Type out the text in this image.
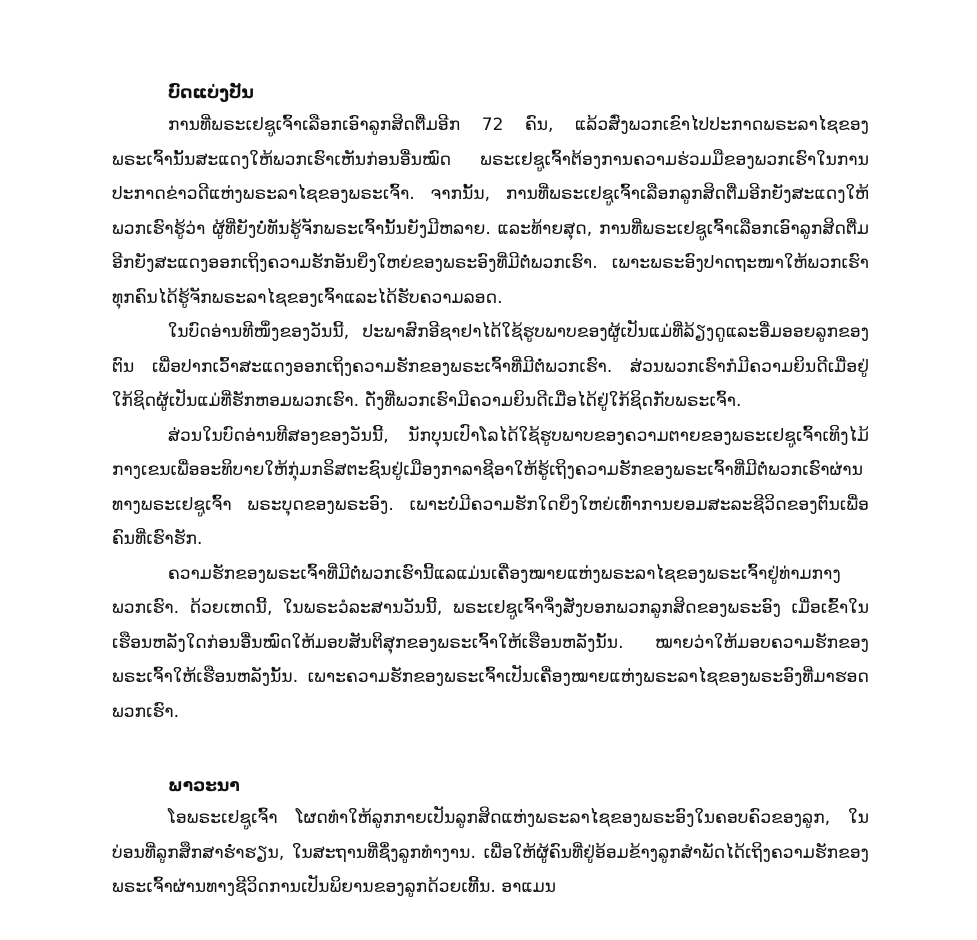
ບົດແບ່ງປັນ

ການທີ່ພຣະເຢຊູເຈົ້າເລືອກເອົາລູກສິດຕື່ມອີກ 72 ຄົນ, ແລ້ວສົ່ງພວກເຂົາໄປປະກາດພຣະລາໄຊຂອງພຣະເຈົ້ານັ້ນສະແດງໃຫ້ພວກເຮົາເຫັນກ່ອນອື່ນໝົດ ພຣະເຢຊູເຈົ້າຕ້ອງການຄວາມຮ່ວມມືຂອງພວກເຮົາໃນການປະກາດຂ່າວດີແຫ່ງພຣະລາໄຊຂອງພຣະເຈົ້າ. ຈາກນັ້ນ, ການທີ່ພຣະເຢຊູເຈົ້າເລືອກລູກສິດຕື່ມອີກຍັງສະແດງໃຫ້ພວກເຮົາຮູ້ວ່າ ຜູ້ທີ່ຍັງບໍ່ທັນຮູ້ຈັກພຣະເຈົ້ານັ້ນຍັງມີຫລາຍ. ແລະທ້າຍສຸດ, ການທີ່ພຣະເຢຊູເຈົ້າເລືອກເອົາລູກສິດຕື່ມອີກຍັງສະແດງອອກເຖິງຄວາມຮັກອັນຍິ່ງໃຫຍ່ຂອງພຣະອົງທີ່ມີຕໍ່ພວກເຮົາ. ເພາະພຣະອົງປາດຖະໜາໃຫ້ພວກເຮົາທຸກຄົນໄດ້ຮູ້ຈັກພຣະລາໄຊຂອງເຈົ້າແລະໄດ້ຮັບຄວາມລອດ.

ໃນບົດອ່ານທີໜຶ່ງຂອງວັນນີ້, ປະພາສົກອີຊາຢາໄດ້ໃຊ້ຮູບພາບຂອງຜູ້ເປັນແມ່ທີ່ລ້ຽງດູແລະອື່ມອອຍລູກຂອງຕົນ ເພື່ອປາກເວົ້າສະແດງອອກເຖິງຄວາມຮັກຂອງພຣະເຈົ້າທີ່ມີຕໍ່ພວກເຮົາ. ສ່ວນພວກເຮົາກໍມີຄວາມຍິນດີເມື່ອຢູ່ໃກ້ຊິດຜູ້ເປັນແມ່ທີ່ຮັກຫອມພວກເຮົາ. ດັ່ງທີ່ພວກເຮົາມີຄວາມຍິນດີເມື່ອໄດ້ຢູ່ໃກ້ຊິດກັບພຣະເຈົ້າ.

ສ່ວນໃນບົດອ່ານທີສອງຂອງວັນນີ້, ນັກບຸນເປົາໂລໄດ້ໃຊ້ຮູບພາບຂອງຄວາມຕາຍຂອງພຣະເຢຊູເຈົ້າເທິງໄມ້ກາງເຂນເພື່ອອະທິບາຍໃຫ້ກຸ່ມກຣິສຕະຊົນຢູ່ເມືອງກາລາຊີອາໃຫ້ຮູ້ເຖິງຄວາມຮັກຂອງພຣະເຈົ້າທີ່ມີຕໍ່ພວກເຮົາຜ່ານທາງພຣະເຢຊູເຈົ້າ ພຣະບຸດຂອງພຣະອົງ. ເພາະບໍ່ມີຄວາມຮັກໃດຍິ່ງໃຫຍ່ເທົ່າການຍອມສະລະຊີວິດຂອງຕົນເພື່ອຄົນທີ່ເຮົາຮັກ.

ຄວາມຮັກຂອງພຣະເຈົ້າທີ່ມີຕໍ່ພວກເຮົານີ້ແລແມ່ນເຄື່ອງໝາຍແຫ່ງພຣະລາໄຊຂອງພຣະເຈົ້າຢູ່ທ່າມກາງພວກເຮົາ. ດ້ວຍເຫດນີ້, ໃນພຣະວໍລະສານວັນນີ້, ພຣະເຢຊູເຈົ້າຈຶ່ງສັ່ງບອກພວກລູກສິດຂອງພຣະອົງ ເມື່ອເຂົ້າໃນເຮືອນຫລັງໃດກ່ອນອື່ນໝົດໃຫ້ມອບສັນຕິສຸກຂອງພຣະເຈົ້າໃຫ້ເຮືອນຫລັງນັ້ນ. ໝາຍວ່າໃຫ້ມອບຄວາມຮັກຂອງພຣະເຈົ້າໃຫ້ເຮືອນຫລັງນັ້ນ. ເພາະຄວາມຮັກຂອງພຣະເຈົ້າເປັນເຄື່ອງໝາຍແຫ່ງພຣະລາໄຊຂອງພຣະອົງທີ່ມາຮອດພວກເຮົາ.

ພາວະນາ

ໂອພຣະເຢຊູເຈົ້າ ໂຜດທຳໃຫ້ລູກກາຍເປັນລູກສິດແຫ່ງພຣະລາໄຊຂອງພຣະອົງໃນຄອບຄົວຂອງລູກ, ໃນບ່ອນທີ່ລູກສຶກສາຮ່ຳຮຽນ, ໃນສະຖານທີ່ຊຶ່ງລູກທຳງານ. ເພື່ອໃຫ້ຜູ້ຄົນທີ່ຢູ່ອ້ອມຂ້າງລູກສຳພັດໄດ້ເຖິງຄວາມຮັກຂອງພຣະເຈົ້າຜ່ານທາງຊີວິດການເປັນພິຍານຂອງລູກດ້ວຍເທີ້ນ. ອາແມນ
